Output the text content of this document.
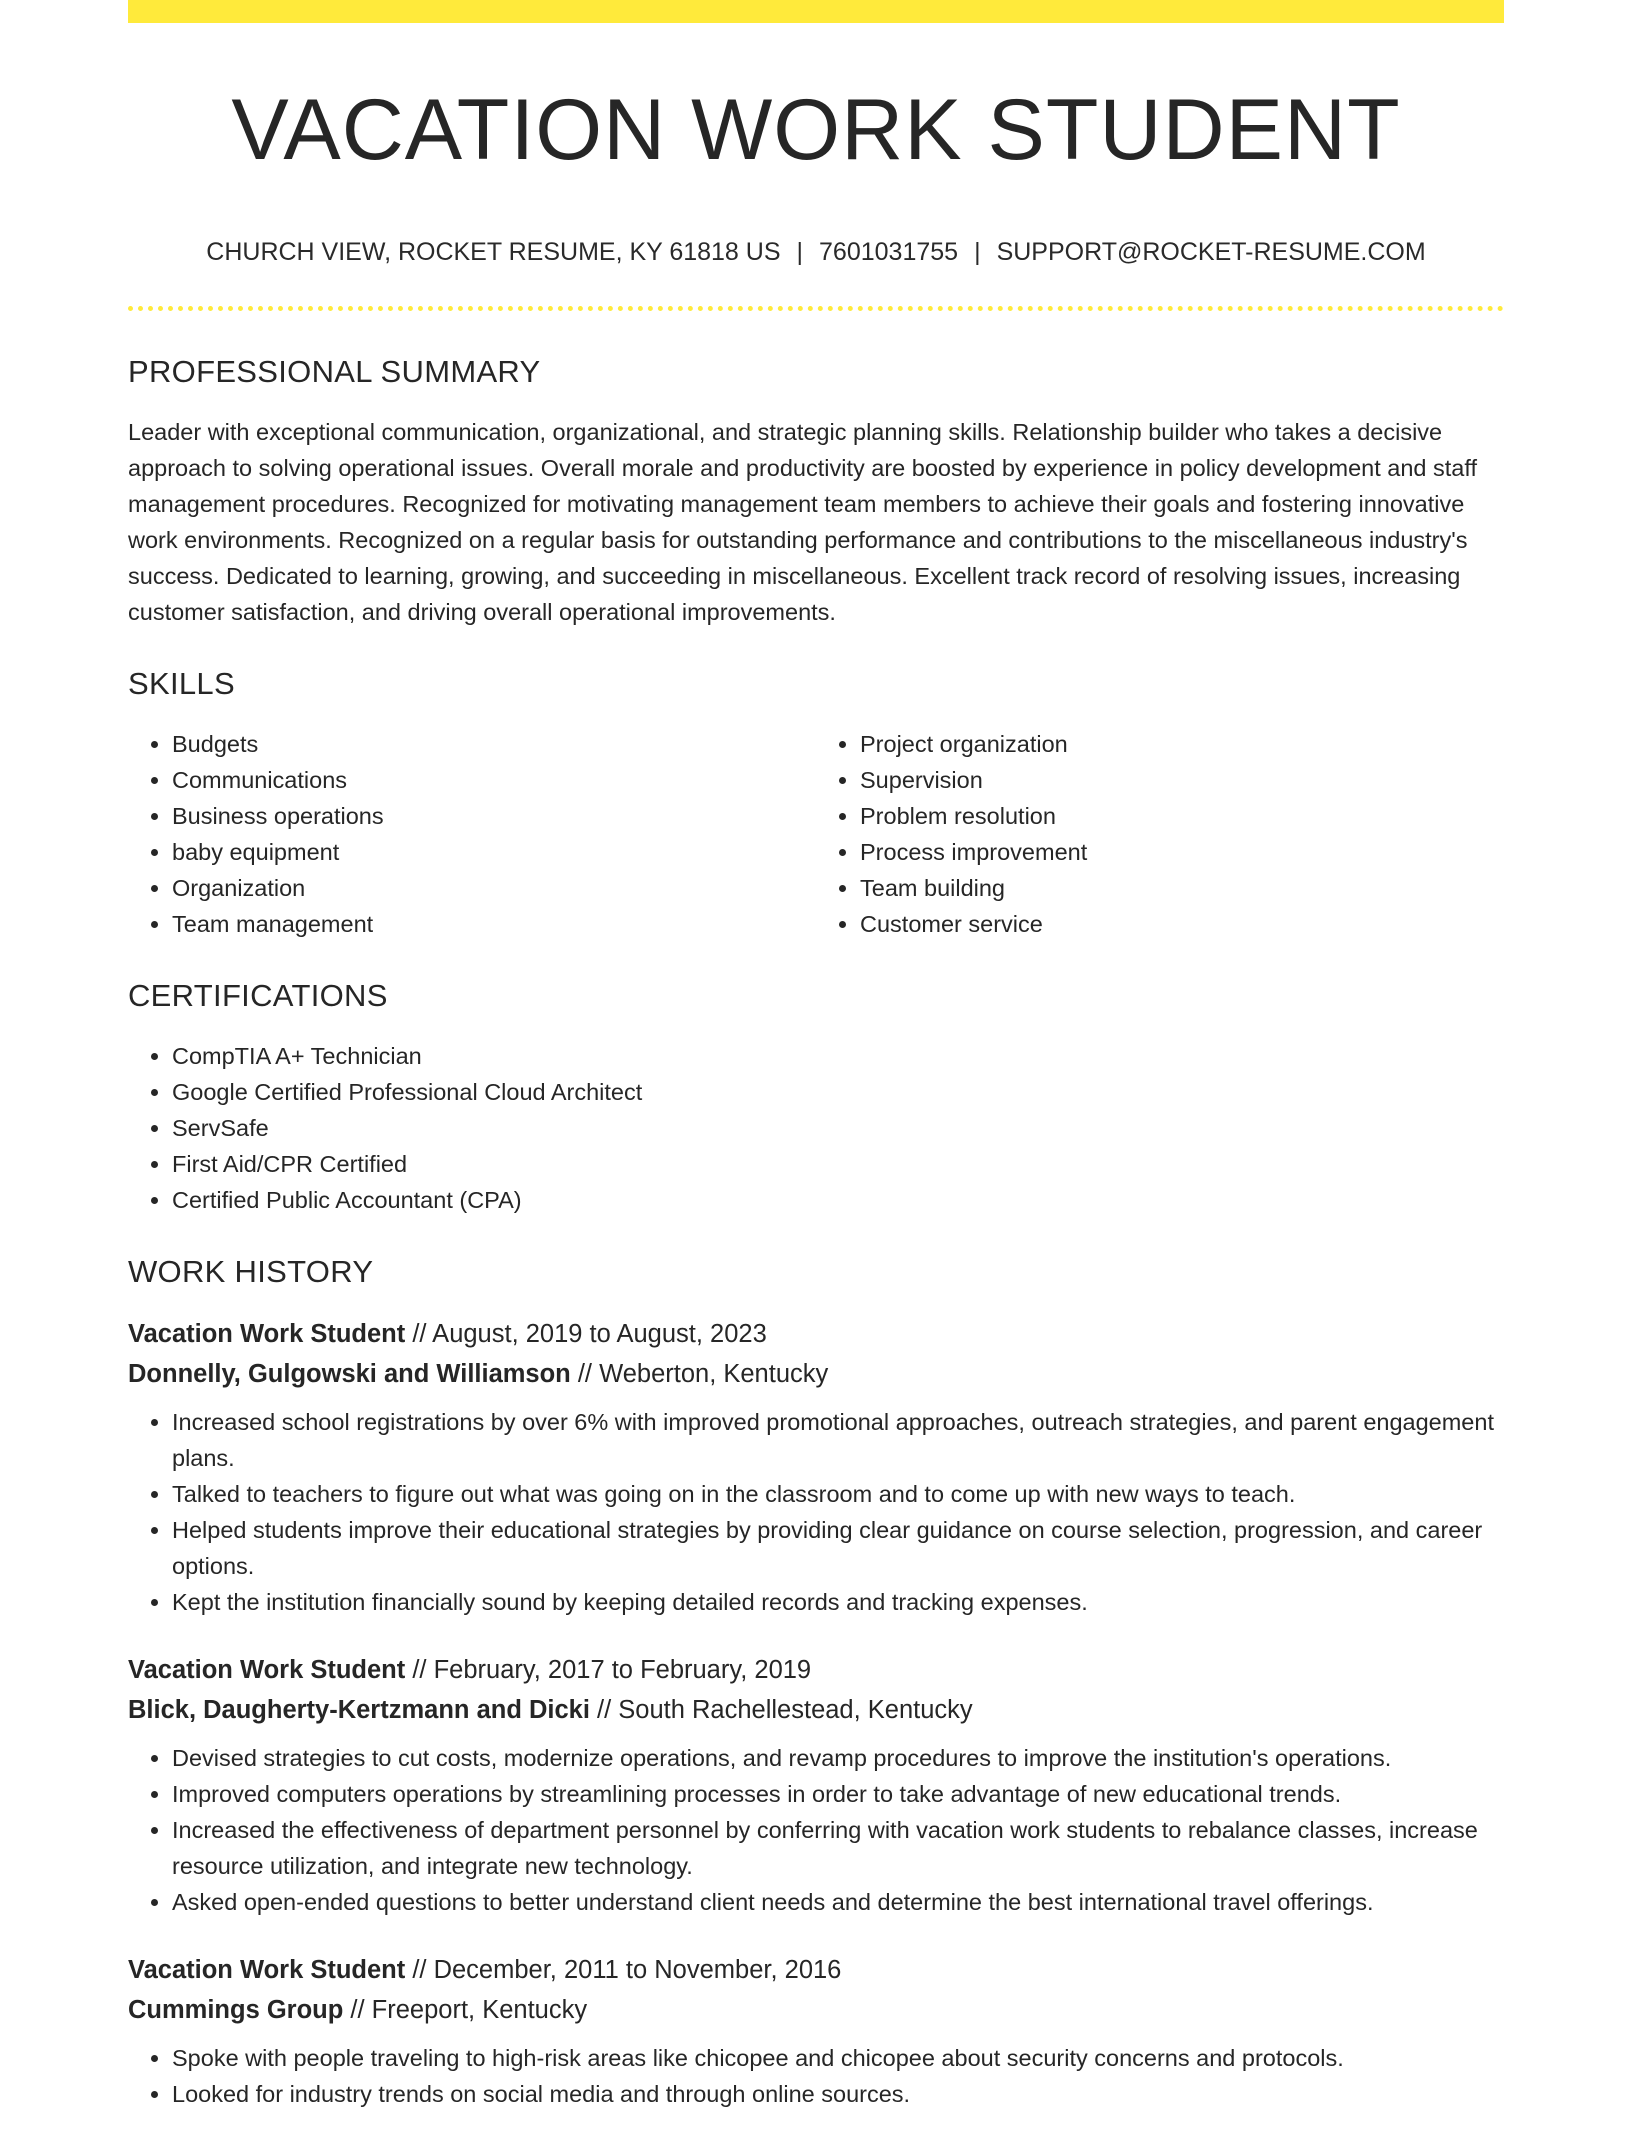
VACATION WORK STUDENT
CHURCH VIEW, ROCKET RESUME, KY 61818 US | 7601031755 | SUPPORT@ROCKET-RESUME.COM
PROFESSIONAL SUMMARY

Leader with exceptional communication, organizational, and strategic planning skills. Relationship builder who takes a decisive approach to solving operational issues. Overall morale and productivity are boosted by experience in policy development and staff management procedures. Recognized for motivating management team members to achieve their goals and fostering innovative work environments. Recognized on a regular basis for outstanding performance and contributions to the miscellaneous industry's success. Dedicated to learning, growing, and succeeding in miscellaneous. Excellent track record of resolving issues, increasing customer satisfaction, and driving overall operational improvements.

SKILLS
• Budgets
• Communications
• Business operations
• baby equipment
• Organization
• Team management
• Project organization
• Supervision
• Problem resolution
• Process improvement
• Team building
• Customer service
CERTIFICATIONS
• CompTIA A+ Technician
• Google Certified Professional Cloud Architect
• ServSafe
• First Aid/CPR Certified
• Certified Public Accountant (CPA)
WORK HISTORY
Vacation Work Student // August, 2019 to August, 2023
Donnelly, Gulgowski and Williamson // Weberton, Kentucky
• Increased school registrations by over 6% with improved promotional approaches, outreach strategies, and parent engagement plans.
• Talked to teachers to figure out what was going on in the classroom and to come up with new ways to teach.
• Helped students improve their educational strategies by providing clear guidance on course selection, progression, and career options.
• Kept the institution financially sound by keeping detailed records and tracking expenses.
Vacation Work Student // February, 2017 to February, 2019
Blick, Daugherty-Kertzmann and Dicki // South Rachellestead, Kentucky
• Devised strategies to cut costs, modernize operations, and revamp procedures to improve the institution's operations.
• Improved computers operations by streamlining processes in order to take advantage of new educational trends.
• Increased the effectiveness of department personnel by conferring with vacation work students to rebalance classes, increase resource utilization, and integrate new technology.
• Asked open-ended questions to better understand client needs and determine the best international travel offerings.
Vacation Work Student // December, 2011 to November, 2016
Cummings Group // Freeport, Kentucky
• Spoke with people traveling to high-risk areas like chicopee and chicopee about security concerns and protocols.
• Looked for industry trends on social media and through online sources.
